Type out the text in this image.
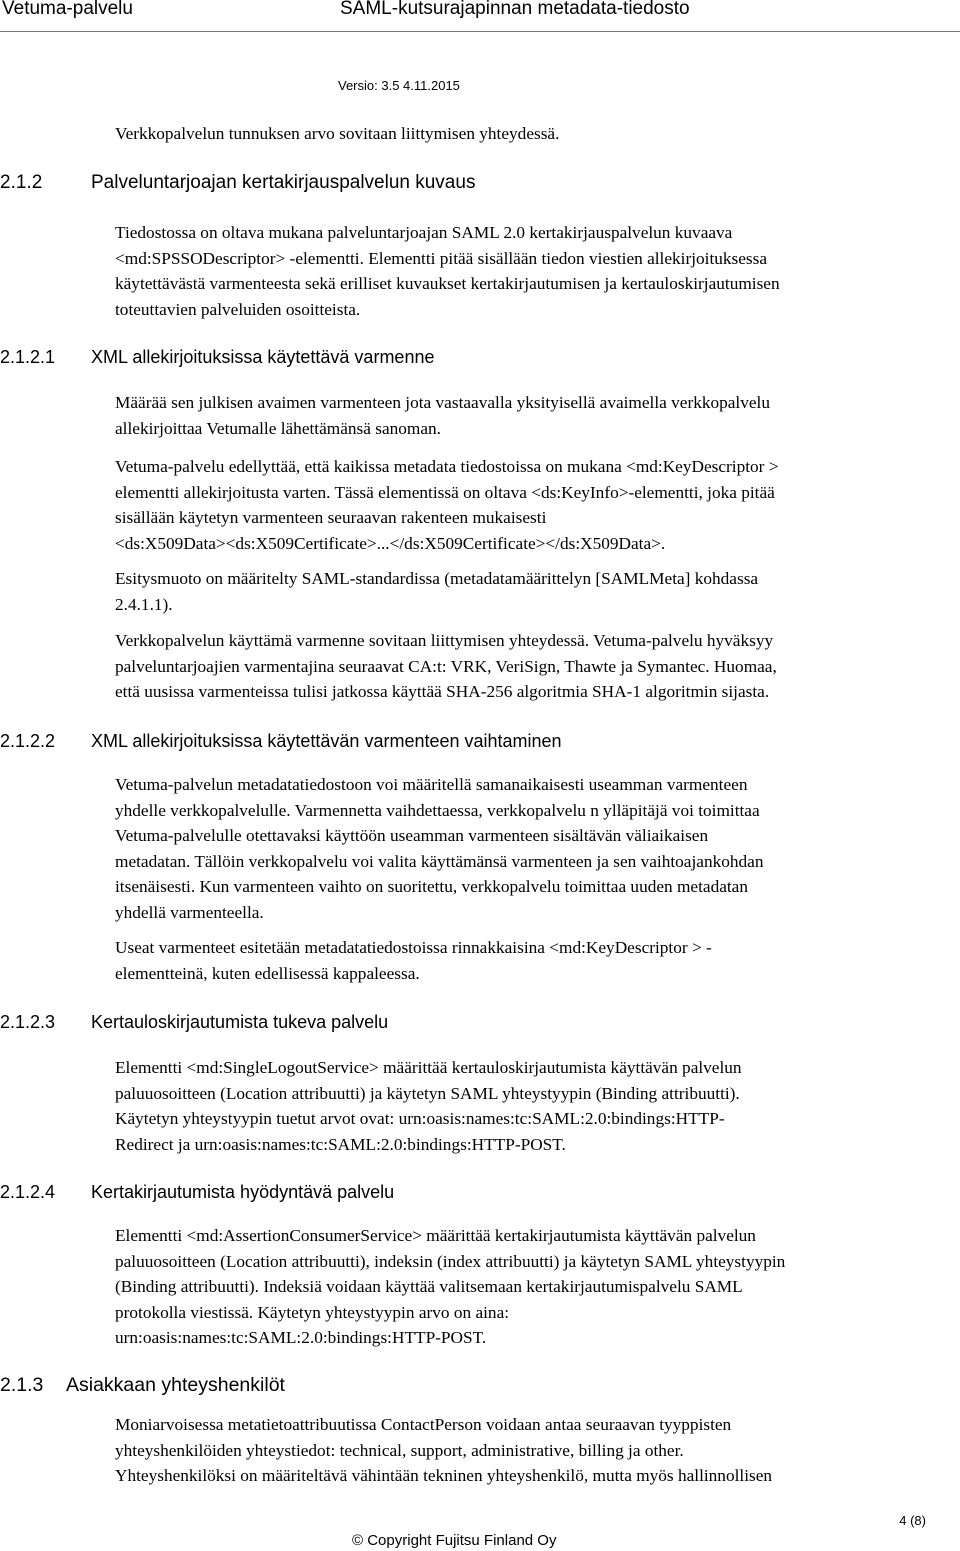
Vetuma-palvelu	SAML-kutsurajapinnan metadata-tiedosto
Versio: 3.5 4.11.2015
Verkkopalvelun tunnuksen arvo sovitaan liittymisen yhteydessä.
2.1.2	Palveluntarjoajan kertakirjauspalvelun kuvaus
Tiedostossa on oltava mukana palveluntarjoajan SAML 2.0 kertakirjauspalvelun kuvaava
<md:SPSSODescriptor> -elementti. Elementti pitää sisällään tiedon viestien allekirjoituksessa
käytettävästä varmenteesta sekä erilliset kuvaukset kertakirjautumisen ja kertauloskirjautumisen
toteuttavien palveluiden osoitteista.
2.1.2.1 XML allekirjoituksissa käytettävä varmenne
Määrää sen julkisen avaimen varmenteen jota vastaavalla yksityisellä avaimella verkkopalvelu
allekirjoittaa Vetumalle lähettämänsä sanoman.
Vetuma-palvelu edellyttää, että kaikissa metadata tiedostoissa on mukana <md:KeyDescriptor >
elementti allekirjoitusta varten. Tässä elementissä on oltava <ds:KeyInfo>-elementti, joka pitää
sisällään käytetyn varmenteen seuraavan rakenteen mukaisesti
<ds:X509Data><ds:X509Certificate>...</ds:X509Certificate></ds:X509Data>.
Esitysmuoto on määritelty SAML-standardissa (metadatamäärittelyn [SAMLMeta] kohdassa
2.4.1.1).
Verkkopalvelun käyttämä varmenne sovitaan liittymisen yhteydessä. Vetuma-palvelu hyväksyy
palveluntarjoajien varmentajina seuraavat CA:t: VRK, VeriSign, Thawte ja Symantec. Huomaa,
että uusissa varmenteissa tulisi jatkossa käyttää SHA-256 algoritmia SHA-1 algoritmin sijasta.
2.1.2.2 XML allekirjoituksissa käytettävän varmenteen vaihtaminen
Vetuma-palvelun metadatatiedostoon voi määritellä samanaikaisesti useamman varmenteen
yhdelle verkkopalvelulle. Varmennetta vaihdettaessa, verkkopalvelu n ylläpitäjä voi toimittaa
Vetuma-palvelulle otettavaksi käyttöön useamman varmenteen sisältävän väliaikaisen
metadatan. Tällöin verkkopalvelu voi valita käyttämänsä varmenteen ja sen vaihtoajankohdan
itsenäisesti. Kun varmenteen vaihto on suoritettu, verkkopalvelu toimittaa uuden metadatan
yhdellä varmenteella.
Useat varmenteet esitetään metadatatiedostoissa rinnakkaisina <md:KeyDescriptor > -
elementteinä, kuten edellisessä kappaleessa.
2.1.2.3 Kertauloskirjautumista tukeva palvelu
Elementti <md:SingleLogoutService> määrittää kertauloskirjautumista käyttävän palvelun
paluuosoitteen (Location attribuutti) ja käytetyn SAML yhteystyypin (Binding attribuutti).
Käytetyn yhteystyypin tuetut arvot ovat: urn:oasis:names:tc:SAML:2.0:bindings:HTTP-
Redirect ja urn:oasis:names:tc:SAML:2.0:bindings:HTTP-POST.
2.1.2.4 Kertakirjautumista hyödyntävä palvelu
Elementti <md:AssertionConsumerService> määrittää kertakirjautumista käyttävän palvelun
paluuosoitteen (Location attribuutti), indeksin (index attribuutti) ja käytetyn SAML yhteystyypin
(Binding attribuutti). Indeksiä voidaan käyttää valitsemaan kertakirjautumispalvelu SAML
protokolla viestissä. Käytetyn yhteystyypin arvo on aina:
urn:oasis:names:tc:SAML:2.0:bindings:HTTP-POST.
2.1.3 Asiakkaan yhteyshenkilöt
Moniarvoisessa metatietoattribuutissa ContactPerson voidaan antaa seuraavan tyyppisten
yhteyshenkilöiden yhteystiedot: technical, support, administrative, billing ja other.
Yhteyshenkilöksi on määriteltävä vähintään tekninen yhteyshenkilö, mutta myös hallinnollisen
4 (8)
© Copyright Fujitsu Finland Oy
